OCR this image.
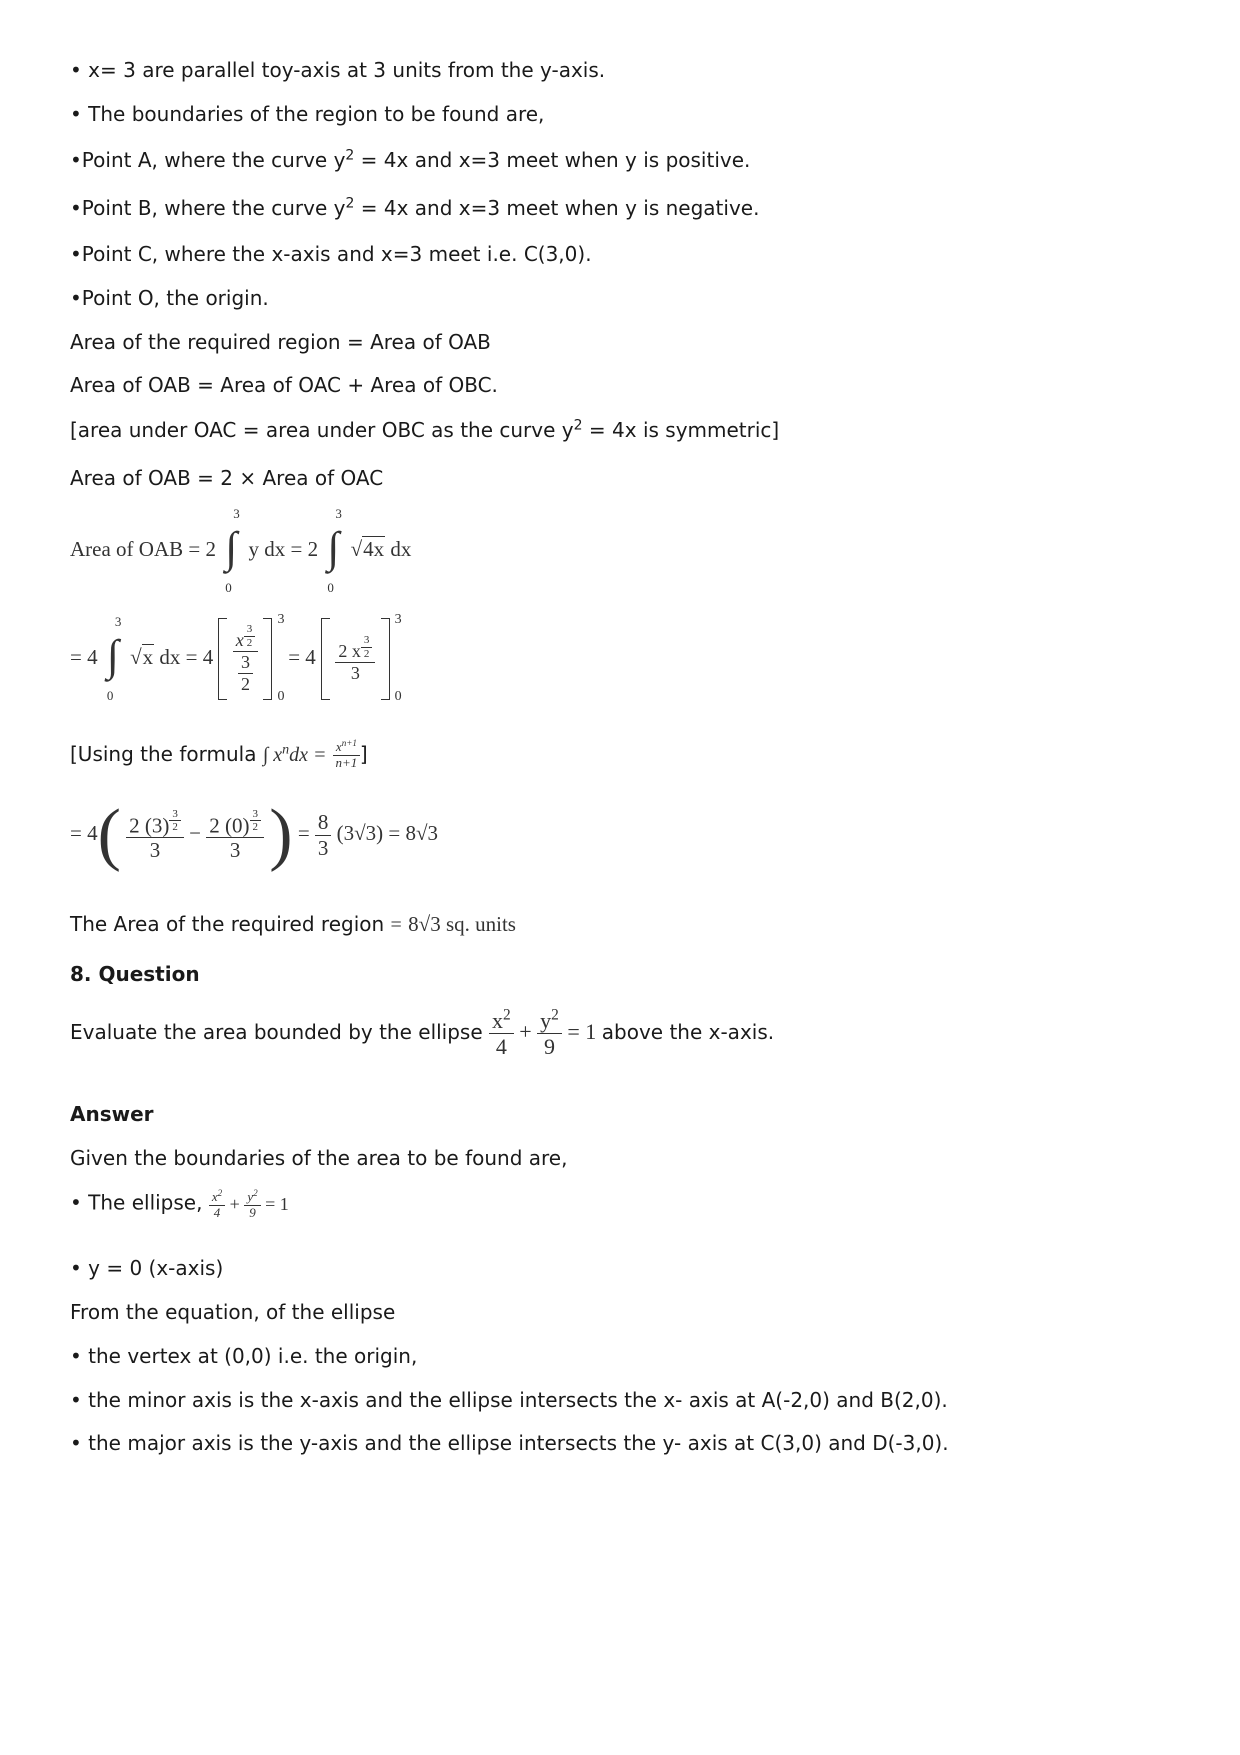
• x= 3 are parallel toy-axis at 3 units from the y-axis.
• The boundaries of the region to be found are,
•Point A, where the curve $y^2 = 4x$ and x=3 meet when y is positive.
•Point B, where the curve $y^2 = 4x$ and x=3 meet when y is negative.
•Point C, where the x-axis and x=3 meet i.e. C(3,0).
•Point O, the origin.
Area of the required region = Area of OAB
Area of OAB = Area of OAC + Area of OBC.
[area under OAC = area under OBC as the curve $y^2 = 4x$ is symmetric]
Area of OAB = 2 × Area of OAC
Area of OAB = 2
3
∫
0
y dx = 2
3
∫
0
√4x dx
= 4
3
∫
0
√x dx = 4 x $^{\frac{3}{2}}$
$\frac{3}{2}$

3
0
= 4 2 x $^{\frac{3}{2}}$
3

3
0
[Using the formula ∫ $x^ndx = \frac{x^{n+1}}{n+1}$ ]
= 4( 2 (3) $^{\frac{3}{2}}$
3 − 2 (0) $^{\frac{3}{2}}$
3 ) = $\frac{8}{3} (3√3) = 8√3$
The Area of the required region = 8√3 sq. units
8. Question
Evaluate the area bounded by the ellipse $\frac{x^2}{4} + \frac{y^2}{9} = 1$ above the x-axis.
Answer
Given the boundaries of the area to be found are,
• The ellipse, $\frac{x^2}{4} + \frac{y^2}{9} = 1$
• y = 0 (x-axis)
From the equation, of the ellipse
• the vertex at (0,0) i.e. the origin,
• the minor axis is the x-axis and the ellipse intersects the x- axis at A(-2,0) and B(2,0).
• the major axis is the y-axis and the ellipse intersects the y- axis at C(3,0) and D(-3,0).
